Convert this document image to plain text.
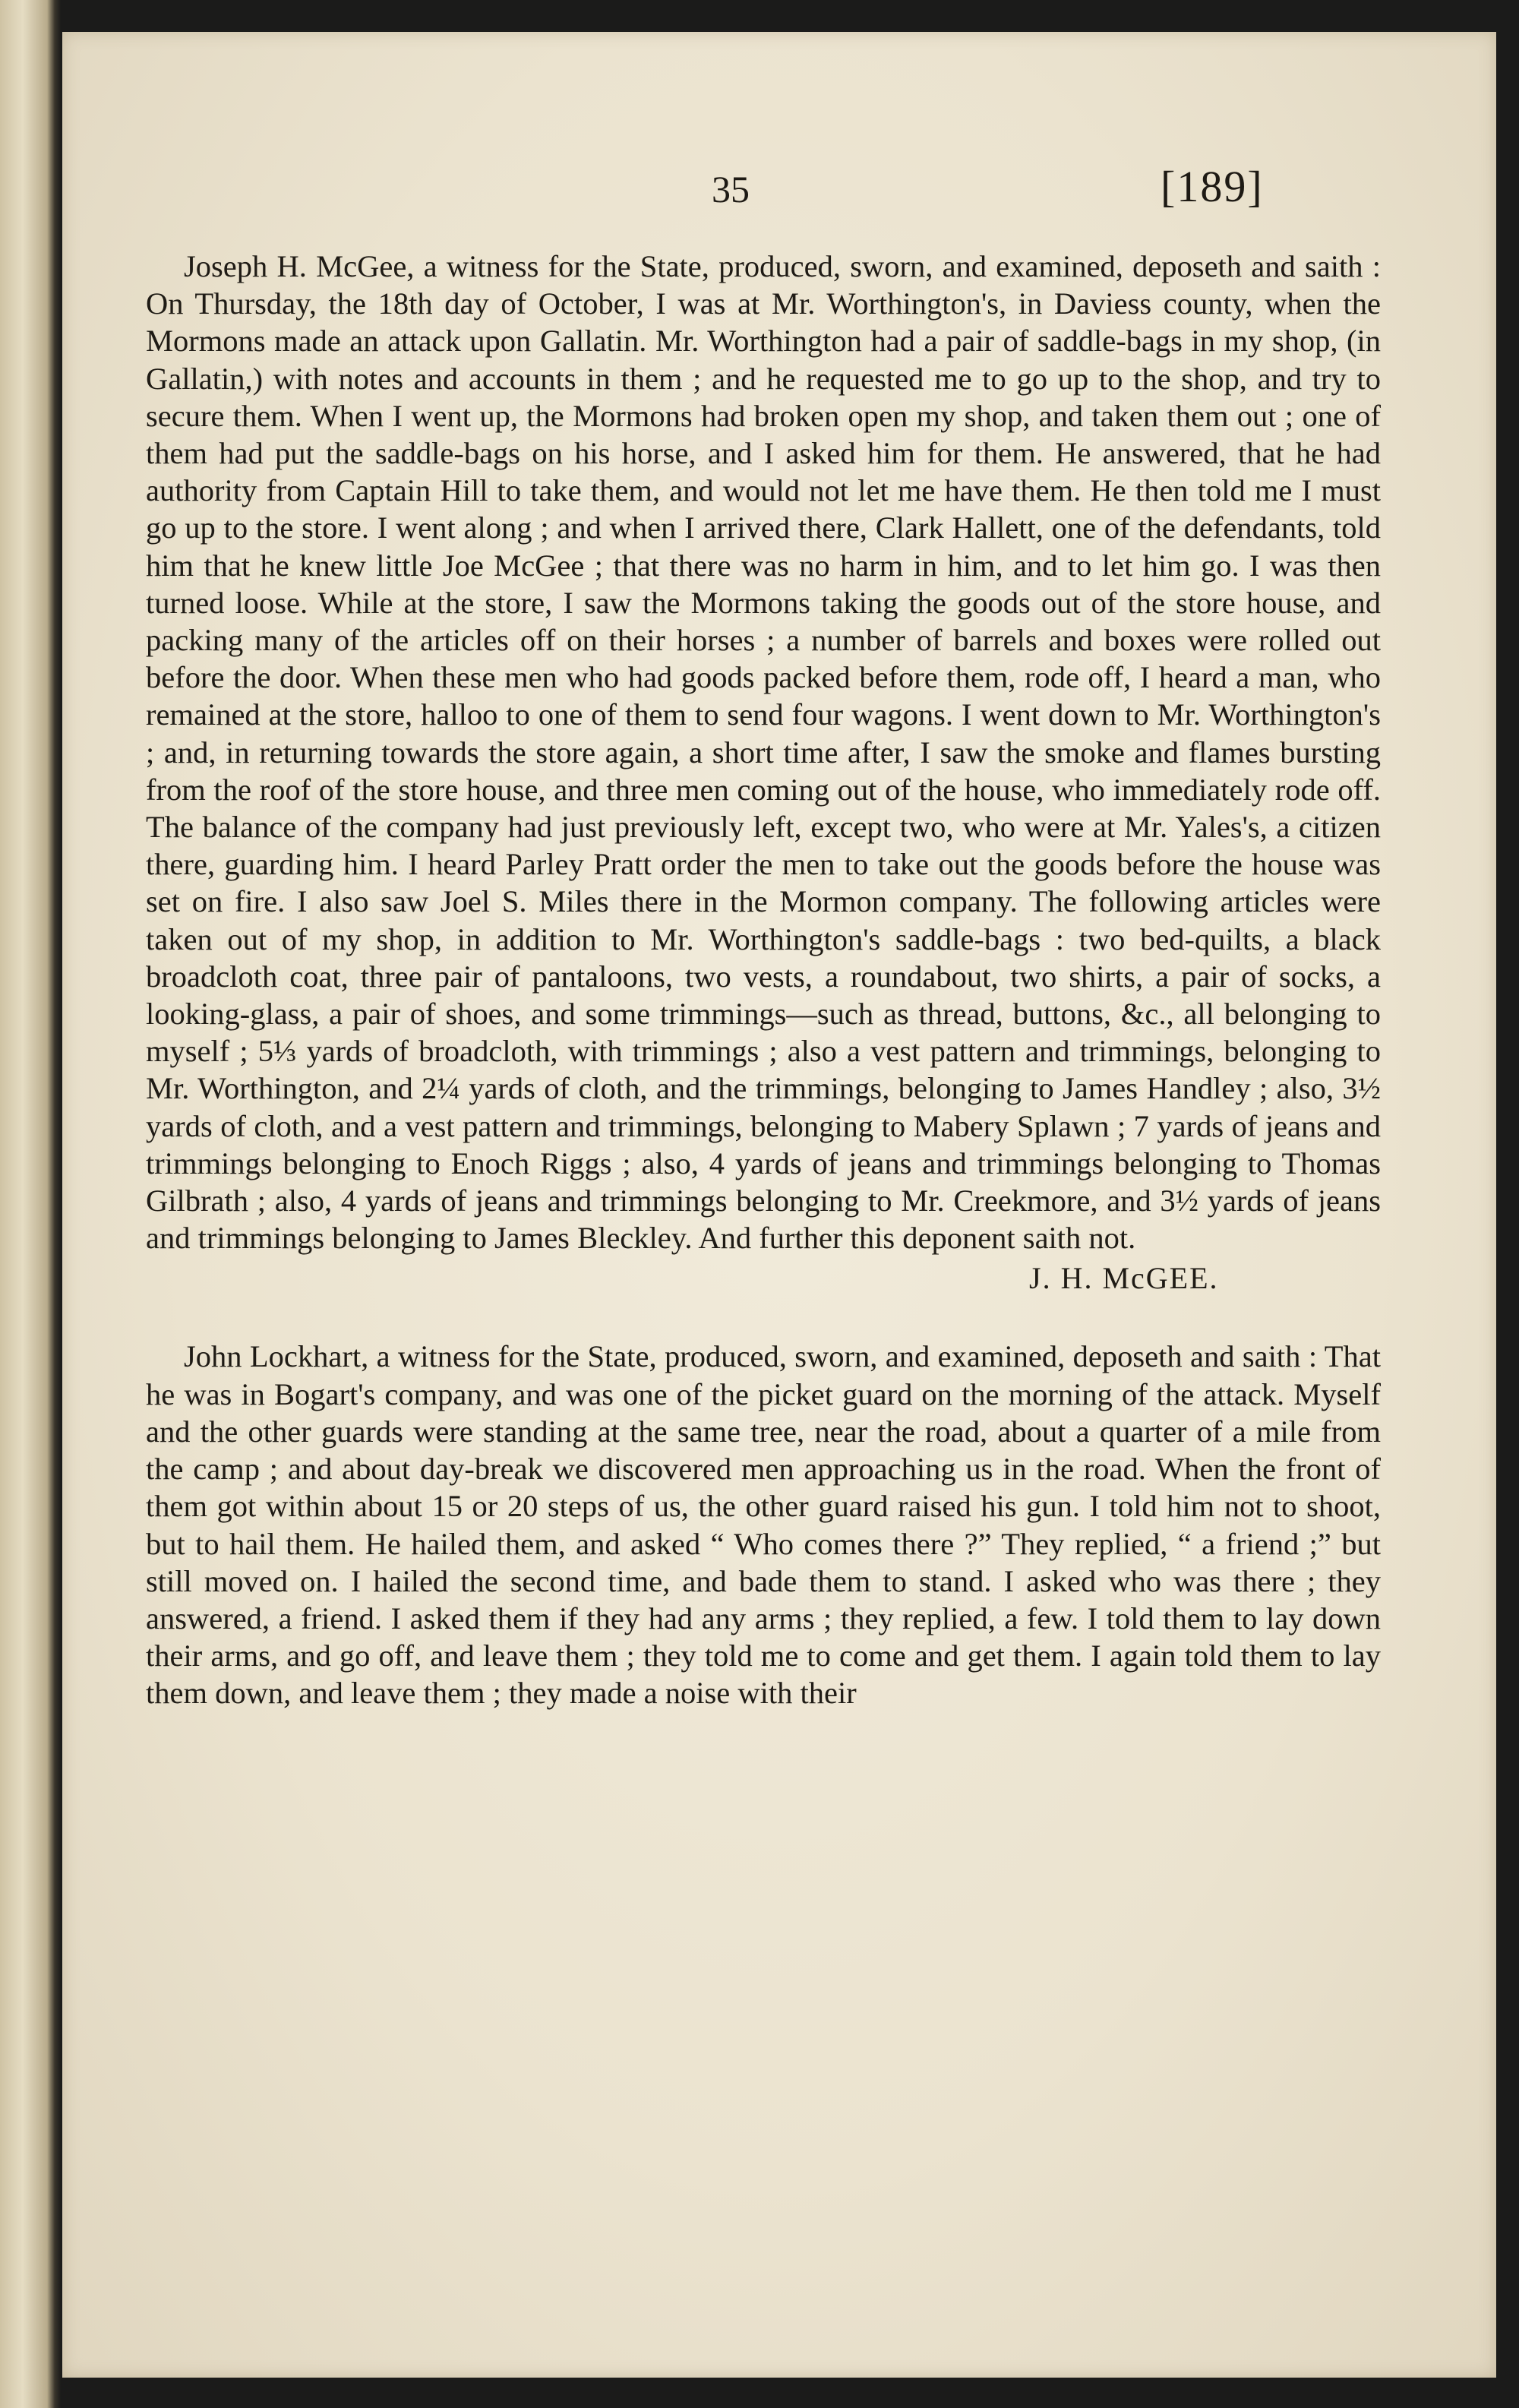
35	[189]

Joseph H. McGee, a witness for the State, produced, sworn, and examined, deposeth and saith : On Thursday, the 18th day of October, I was at Mr. Worthington's, in Daviess county, when the Mormons made an attack upon Gallatin. Mr. Worthington had a pair of saddle-bags in my shop, (in Gallatin,) with notes and accounts in them ; and he requested me to go up to the shop, and try to secure them. When I went up, the Mormons had broken open my shop, and taken them out ; one of them had put the saddle-bags on his horse, and I asked him for them. He answered, that he had authority from Captain Hill to take them, and would not let me have them. He then told me I must go up to the store. I went along ; and when I arrived there, Clark Hallett, one of the defendants, told him that he knew little Joe McGee ; that there was no harm in him, and to let him go. I was then turned loose. While at the store, I saw the Mormons taking the goods out of the store house, and packing many of the articles off on their horses ; a number of barrels and boxes were rolled out before the door. When these men who had goods packed before them, rode off, I heard a man, who remained at the store, halloo to one of them to send four wagons. I went down to Mr. Worthington's ; and, in returning towards the store again, a short time after, I saw the smoke and flames bursting from the roof of the store house, and three men coming out of the house, who immediately rode off. The balance of the company had just previously left, except two, who were at Mr. Yales's, a citizen there, guarding him. I heard Parley Pratt order the men to take out the goods before the house was set on fire. I also saw Joel S. Miles there in the Mormon company. The following articles were taken out of my shop, in addition to Mr. Worthington's saddle-bags : two bed-quilts, a black broadcloth coat, three pair of pantaloons, two vests, a roundabout, two shirts, a pair of socks, a looking-glass, a pair of shoes, and some trimmings—such as thread, buttons, &c., all belonging to myself ; 5⅓ yards of broadcloth, with trimmings ; also a vest pattern and trimmings, belonging to Mr. Worthington, and 2¼ yards of cloth, and the trimmings, belonging to James Handley ; also, 3½ yards of cloth, and a vest pattern and trimmings, belonging to Mabery Splawn ; 7 yards of jeans and trimmings belonging to Enoch Riggs ; also, 4 yards of jeans and trimmings belonging to Thomas Gilbrath ; also, 4 yards of jeans and trimmings belonging to Mr. Creekmore, and 3½ yards of jeans and trimmings belonging to James Bleckley. And further this deponent saith not.

J. H. McGEE.

John Lockhart, a witness for the State, produced, sworn, and examined, deposeth and saith : That he was in Bogart's company, and was one of the picket guard on the morning of the attack. Myself and the other guards were standing at the same tree, near the road, about a quarter of a mile from the camp ; and about day-break we discovered men approaching us in the road. When the front of them got within about 15 or 20 steps of us, the other guard raised his gun. I told him not to shoot, but to hail them. He hailed them, and asked “ Who comes there ?” They replied, “ a friend ;” but still moved on. I hailed the second time, and bade them to stand. I asked who was there ; they answered, a friend. I asked them if they had any arms ; they replied, a few. I told them to lay down their arms, and go off, and leave them ; they told me to come and get them. I again told them to lay them down, and leave them ; they made a noise with their
